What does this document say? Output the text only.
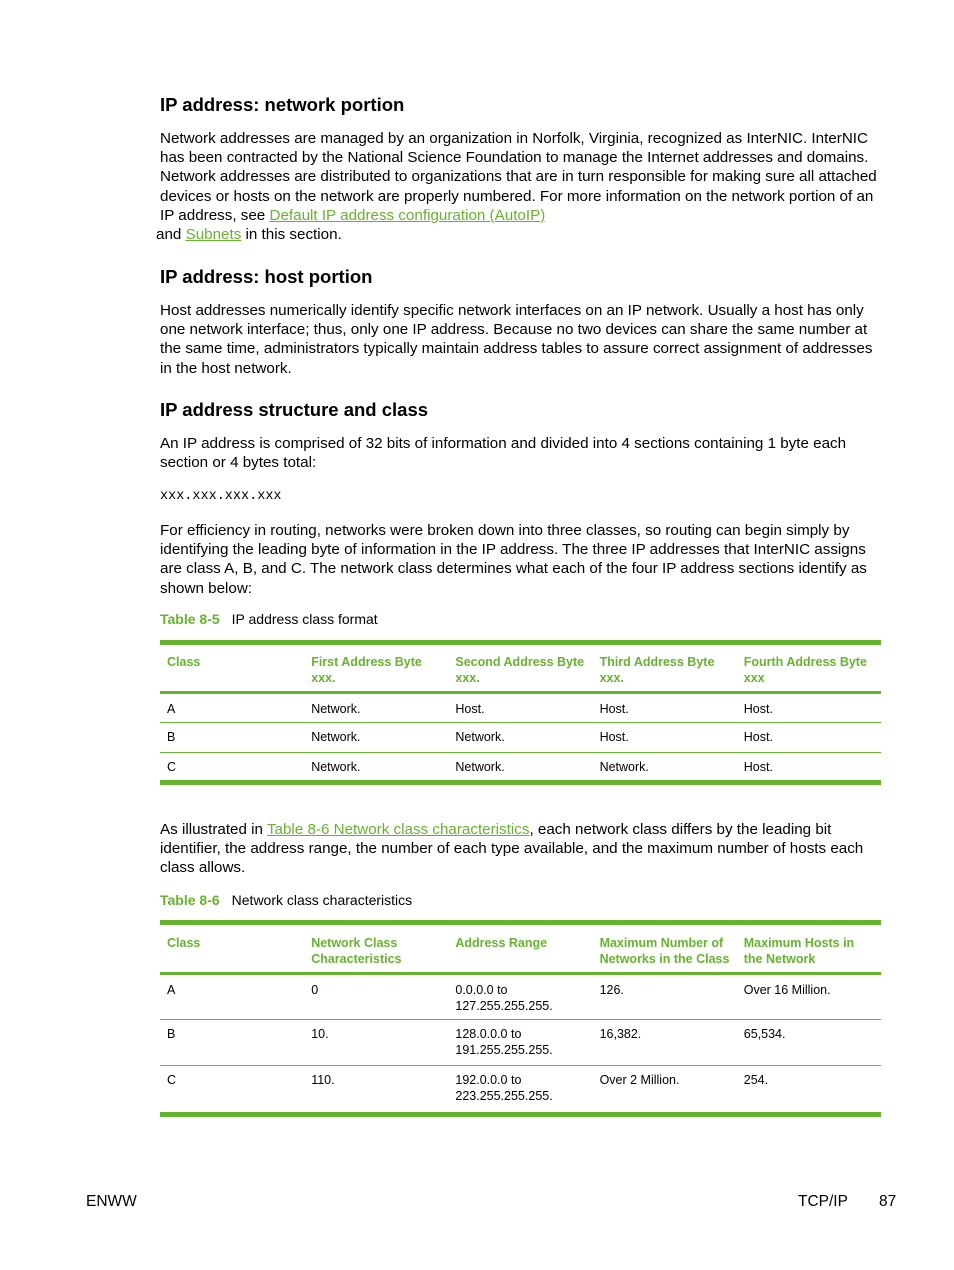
IP address: network portion

Network addresses are managed by an organization in Norfolk, Virginia, recognized as InterNIC. InterNIC has been contracted by the National Science Foundation to manage the Internet addresses and domains. Network addresses are distributed to organizations that are in turn responsible for making sure all attached devices or hosts on the network are properly numbered. For more information on the network portion of an IP address, see Default IP address configuration (AutoIP)
and Subnets in this section.

IP address: host portion

Host addresses numerically identify specific network interfaces on an IP network. Usually a host has only one network interface; thus, only one IP address. Because no two devices can share the same number at the same time, administrators typically maintain address tables to assure correct assignment of addresses in the host network.

IP address structure and class

An IP address is comprised of 32 bits of information and divided into 4 sections containing 1 byte each section or 4 bytes total:

xxx.xxx.xxx.xxx

For efficiency in routing, networks were broken down into three classes, so routing can begin simply by identifying the leading byte of information in the IP address. The three IP addresses that InterNIC assigns are class A, B, and C. The network class determines what each of the four IP address sections identify as shown below:

Table 8-5 IP address class format
Class	First Address Byte xxx.	Second Address Byte xxx.	Third Address Byte xxx.	Fourth Address Byte xxx
A	Network.	Host.	Host.	Host.
B	Network.	Network.	Host.	Host.
C	Network.	Network.	Network.	Host.

As illustrated in Table 8-6 Network class characteristics, each network class differs by the leading bit identifier, the address range, the number of each type available, and the maximum number of hosts each class allows.

Table 8-6 Network class characteristics
Class	Network Class Characteristics	Address Range	Maximum Number of Networks in the Class	Maximum Hosts in the Network
A	0	0.0.0.0 to 127.255.255.255.	126.	Over 16 Million.
B	10.	128.0.0.0 to 191.255.255.255.	16,382.	65,534.
C	110.	192.0.0.0 to 223.255.255.255.	Over 2 Million.	254.
ENWW	TCP/IP 87
